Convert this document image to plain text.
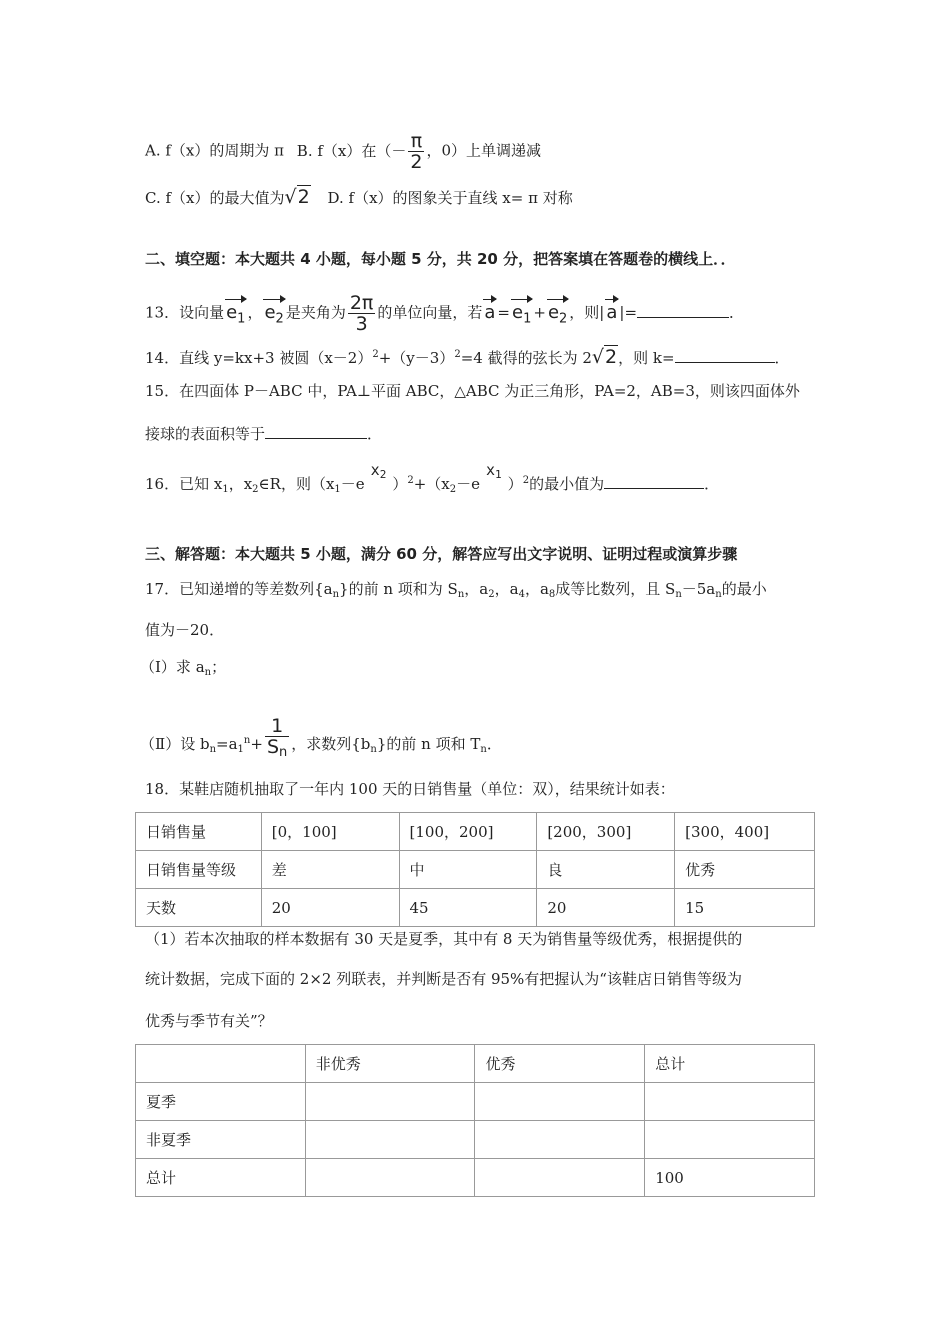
A. f（x）的周期为 π B. f（x）在（－ $\frac{\pi}{2}$ ，0）上单调递减
C. f（x）的最大值为√2 D. f（x）的图象关于直线 x= π 对称
二、填空题：本大题共 4 小题，每小题 5 分，共 20 分，把答案填在答题卷的横线上．．
13．设向量 $e_1$ ， $e_2$ 是夹角为 $\frac{2\pi}{3}$ 的单位向量，若 $a = e_1 + e_2$ ，则| a |=	．
14．直线 y=kx+3 被圆$(x-2)^2+(y-3)^2=4$ 截得的弦长为 2√2，则 k=	．
15．在四面体 P－ABC 中，PA⊥平面 ABC，△ABC 为正三角形，PA=2，AB=3，则该四面体外
接球的表面积等于	．
16．已知 $x_1$，$x_2\in R$，则$(x_1-ex_2)^2+(x_2-ex_1)^2$的最小值为	．
三、解答题：本大题共 5 小题，满分 60 分，解答应写出文字说明、证明过程或演算步骤
17．已知递增的等差数列$\{a_n\}$的前 n 项和为 $S_n$，$a_2$，$a_4$，$a_8$成等比数列，且 $S_n-5a_n$的最小
值为－20．
（Ⅰ）求 $a_n$；
（Ⅱ）设 $b_n=a_1^n+ \frac{1}{Sn}$ ，求数列$\{b_n\}$的前 n 项和 $T_n$．
18．某鞋店随机抽取了一年内 100 天的日销售量（单位：双），结果统计如表：
日销售量	[0，100]	[100，200]	[200，300]	[300，400]
日销售量等级	差	中	良	优秀
天数	20	45	20	15
（1）若本次抽取的样本数据有 30 天是夏季，其中有 8 天为销售量等级优秀，根据提供的
统计数据，完成下面的 2×2 列联表，并判断是否有 95%有把握认为“该鞋店日销售等级为
优秀与季节有关”？
	非优秀	优秀	总计
夏季			
非夏季			
总计			100
